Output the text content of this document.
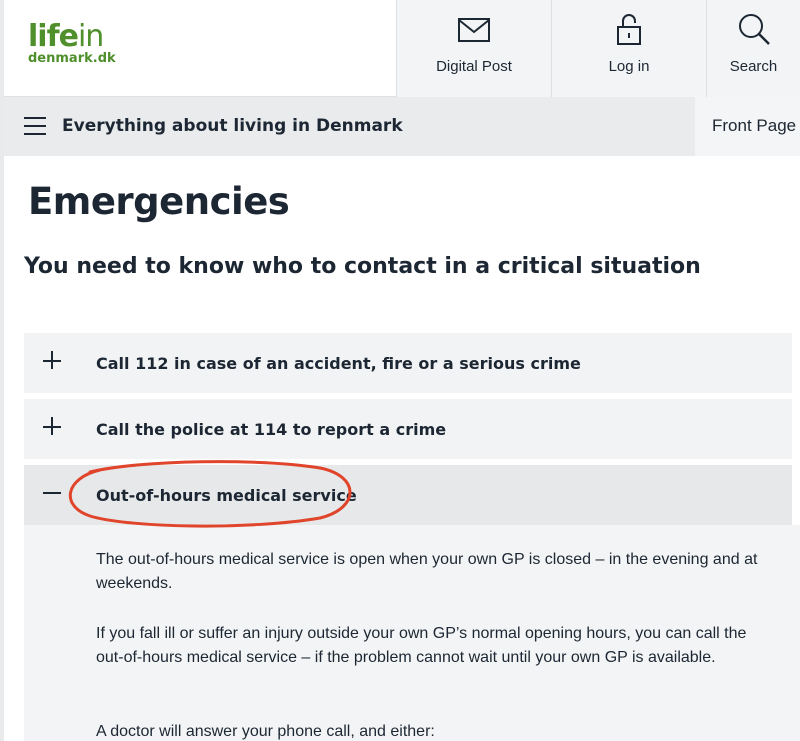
lifein
denmark.dk	Digital Post	Log in	Search
Everything about living in Denmark	Front Page
Emergencies
You need to know who to contact in a critical situation
Call 112 in case of an accident, fire or a serious crime
Call the police at 114 to report a crime
Out-of-hours medical service
The out-of-hours medical service is open when your own GP is closed – in the evening and at weekends.
If you fall ill or suffer an injury outside your own GP’s normal opening hours, you can call the out-of-hours medical service – if the problem cannot wait until your own GP is available.
A doctor will answer your phone call, and either:
